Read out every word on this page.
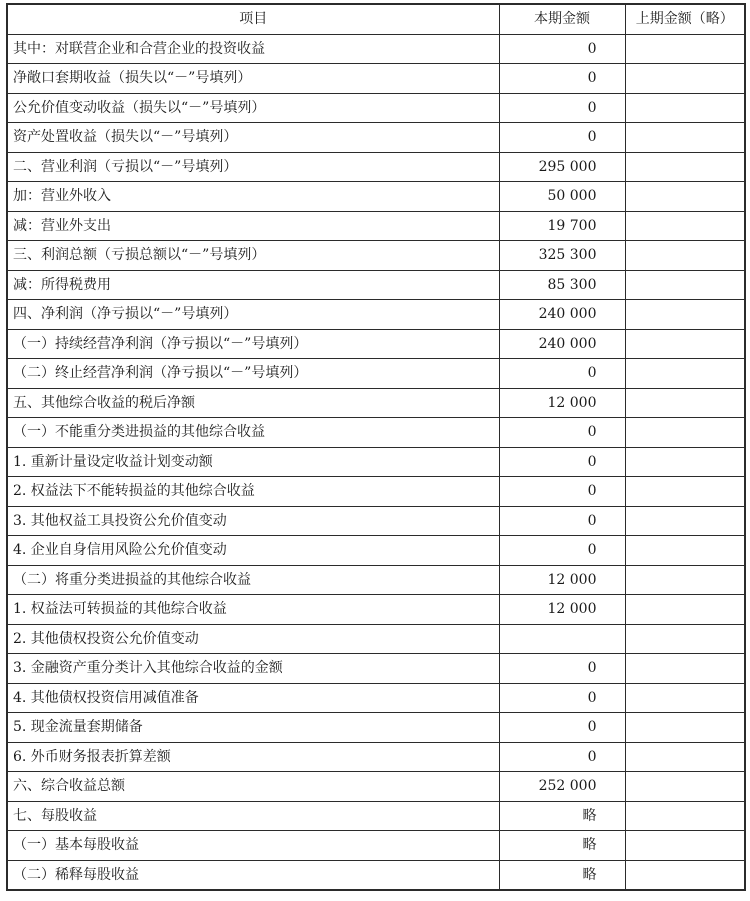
项目	本期金额	上期金额（略）
其中：对联营企业和合营企业的投资收益	0	
净敞口套期收益（损失以“－”号填列）	0	
公允价值变动收益（损失以“－”号填列）	0	
资产处置收益（损失以“－”号填列）	0	
二、营业利润（亏损以“－”号填列）	295 000	
加：营业外收入	50 000	
减：营业外支出	19 700	
三、利润总额（亏损总额以“－”号填列）	325 300	
减：所得税费用	85 300	
四、净利润（净亏损以“－”号填列）	240 000	
（一）持续经营净利润（净亏损以“－”号填列）	240 000	
（二）终止经营净利润（净亏损以“－”号填列）	0	
五、其他综合收益的税后净额	12 000	
（一）不能重分类进损益的其他综合收益	0	
1. 重新计量设定收益计划变动额	0	
2. 权益法下不能转损益的其他综合收益	0	
3. 其他权益工具投资公允价值变动	0	
4. 企业自身信用风险公允价值变动	0	
（二）将重分类进损益的其他综合收益	12 000	
1. 权益法可转损益的其他综合收益	12 000	
2. 其他债权投资公允价值变动		
3. 金融资产重分类计入其他综合收益的金额	0	
4. 其他债权投资信用减值准备	0	
5. 现金流量套期储备	0	
6. 外币财务报表折算差额	0	
六、综合收益总额	252 000	
七、每股收益	略	
（一）基本每股收益	略	
（二）稀释每股收益	略	
